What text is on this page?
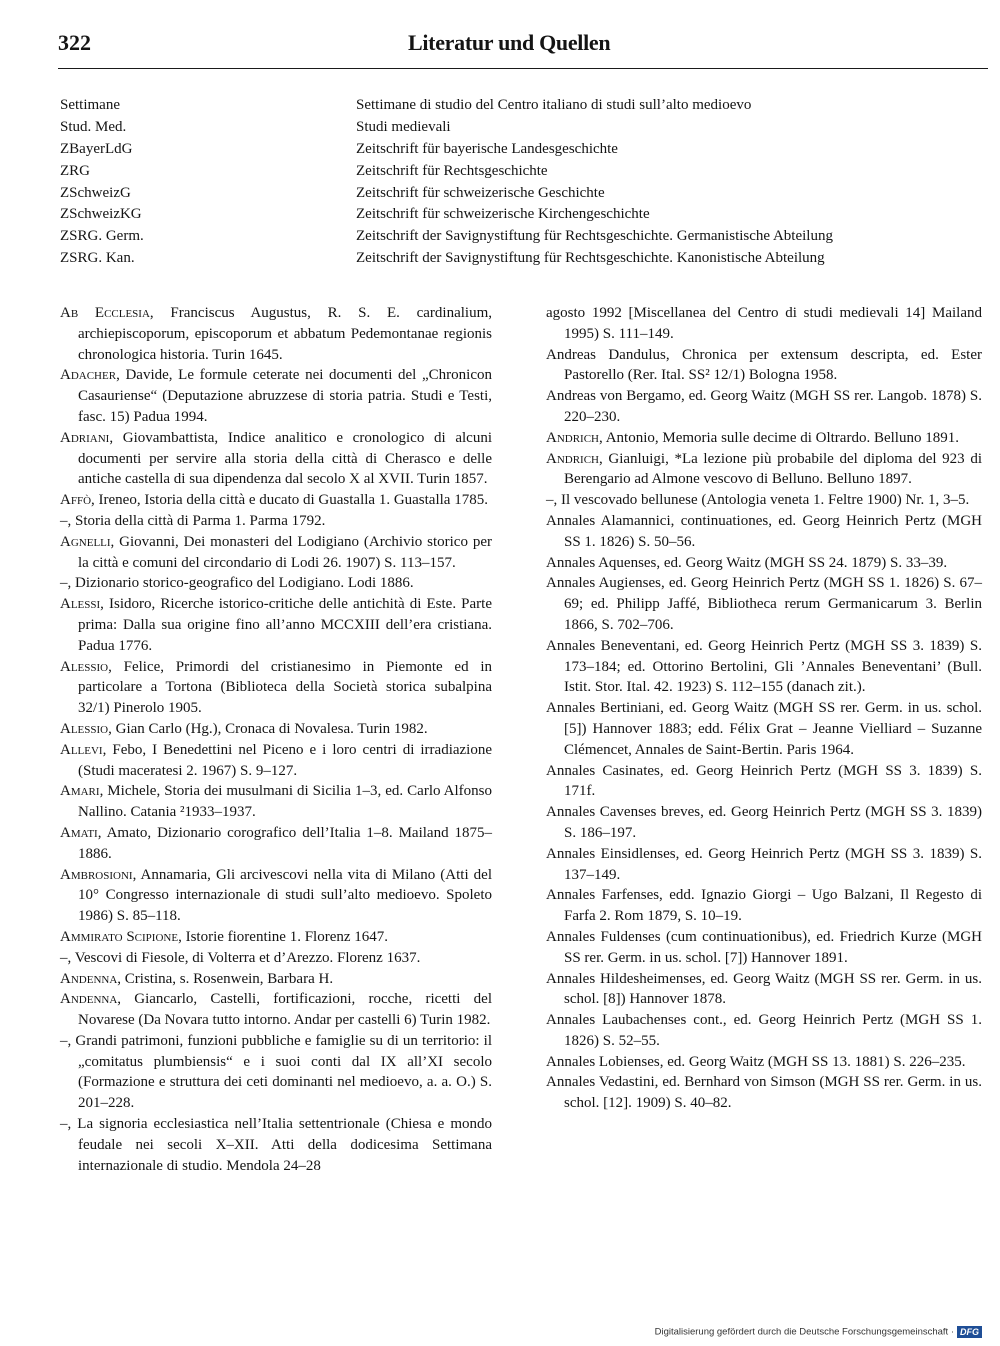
322	Literatur und Quellen
Settimane	Settimane di studio del Centro italiano di studi sull’alto medioevo
Stud. Med.	Studi medievali
ZBayerLdG	Zeitschrift für bayerische Landesgeschichte
ZRG	Zeitschrift für Rechtsgeschichte
ZSchweizG	Zeitschrift für schweizerische Geschichte
ZSchweizKG	Zeitschrift für schweizerische Kirchengeschichte
ZSRG. Germ.	Zeitschrift der Savignystiftung für Rechtsgeschichte. Germanistische Abteilung
ZSRG. Kan.	Zeitschrift der Savignystiftung für Rechtsgeschichte. Kanonistische Abteilung

Ab Ecclesia, Franciscus Augustus, R. S. E. cardinalium, archiepiscoporum, episcoporum et abbatum Pedemontanae regionis chronologica historia. Turin 1645.

Adacher, Davide, Le formule ceterate nei documenti del „Chronicon Casauriense“ (Deputazione abruzzese di storia patria. Studi e Testi, fasc. 15) Padua 1994.

Adriani, Giovambattista, Indice analitico e cronologico di alcuni documenti per servire alla storia della città di Cherasco e delle antiche castella di sua dipendenza dal secolo X al XVII. Turin 1857.

Affò, Ireneo, Istoria della città e ducato di Guastalla 1. Guastalla 1785.

–, Storia della città di Parma 1. Parma 1792.

Agnelli, Giovanni, Dei monasteri del Lodigiano (Archivio storico per la città e comuni del circondario di Lodi 26. 1907) S. 113–157.

–, Dizionario storico-geografico del Lodigiano. Lodi 1886.

Alessi, Isidoro, Ricerche istorico-critiche delle antichità di Este. Parte prima: Dalla sua origine fino all’anno MCCXIII dell’era cristiana. Padua 1776.

Alessio, Felice, Primordi del cristianesimo in Piemonte ed in particolare a Tortona (Biblioteca della Società storica subalpina 32/1) Pinerolo 1905.

Alessio, Gian Carlo (Hg.), Cronaca di Novalesa. Turin 1982.

Allevi, Febo, I Benedettini nel Piceno e i loro centri di irradiazione (Studi maceratesi 2. 1967) S. 9–127.

Amari, Michele, Storia dei musulmani di Sicilia 1–3, ed. Carlo Alfonso Nallino. Catania ²1933–1937.

Amati, Amato, Dizionario corografico dell’Italia 1–8. Mailand 1875–1886.

Ambrosioni, Annamaria, Gli arcivescovi nella vita di Milano (Atti del 10° Congresso internazionale di studi sull’alto medioevo. Spoleto 1986) S. 85–118.

Ammirato Scipione, Istorie fiorentine 1. Florenz 1647.

–, Vescovi di Fiesole, di Volterra et d’Arezzo. Florenz 1637.

Andenna, Cristina, s. Rosenwein, Barbara H.

Andenna, Giancarlo, Castelli, fortificazioni, rocche, ricetti del Novarese (Da Novara tutto intorno. Andar per castelli 6) Turin 1982.

–, Grandi patrimoni, funzioni pubbliche e famiglie su di un territorio: il „comitatus plumbiensis“ e i suoi conti dal IX all’XI secolo (Formazione e struttura dei ceti dominanti nel medioevo, a. a. O.) S. 201–228.

–, La signoria ecclesiastica nell’Italia settentrionale (Chiesa e mondo feudale nei secoli X–XII. Atti della dodicesima Settimana internazionale di studio. Mendola 24–28

agosto 1992 [Miscellanea del Centro di studi medievali 14] Mailand 1995) S. 111–149.

Andreas Dandulus, Chronica per extensum descripta, ed. Ester Pastorello (Rer. Ital. SS² 12/1) Bologna 1958.

Andreas von Bergamo, ed. Georg Waitz (MGH SS rer. Langob. 1878) S. 220–230.

Andrich, Antonio, Memoria sulle decime di Oltrardo. Belluno 1891.

Andrich, Gianluigi, *La lezione più probabile del diploma del 923 di Berengario ad Almone vescovo di Belluno. Belluno 1897.

–, Il vescovado bellunese (Antologia veneta 1. Feltre 1900) Nr. 1, 3–5.

Annales Alamannici, continuationes, ed. Georg Heinrich Pertz (MGH SS 1. 1826) S. 50–56.

Annales Aquenses, ed. Georg Waitz (MGH SS 24. 1879) S. 33–39.

Annales Augienses, ed. Georg Heinrich Pertz (MGH SS 1. 1826) S. 67–69; ed. Philipp Jaffé, Bibliotheca rerum Germanicarum 3. Berlin 1866, S. 702–706.

Annales Beneventani, ed. Georg Heinrich Pertz (MGH SS 3. 1839) S. 173–184; ed. Ottorino Bertolini, Gli ’Annales Beneventani’ (Bull. Istit. Stor. Ital. 42. 1923) S. 112–155 (danach zit.).

Annales Bertiniani, ed. Georg Waitz (MGH SS rer. Germ. in us. schol. [5]) Hannover 1883; edd. Félix Grat – Jeanne Vielliard – Suzanne Clémencet, Annales de Saint-Bertin. Paris 1964.

Annales Casinates, ed. Georg Heinrich Pertz (MGH SS 3. 1839) S. 171f.

Annales Cavenses breves, ed. Georg Heinrich Pertz (MGH SS 3. 1839) S. 186–197.

Annales Einsidlenses, ed. Georg Heinrich Pertz (MGH SS 3. 1839) S. 137–149.

Annales Farfenses, edd. Ignazio Giorgi – Ugo Balzani, Il Regesto di Farfa 2. Rom 1879, S. 10–19.

Annales Fuldenses (cum continuationibus), ed. Friedrich Kurze (MGH SS rer. Germ. in us. schol. [7]) Hannover 1891.

Annales Hildesheimenses, ed. Georg Waitz (MGH SS rer. Germ. in us. schol. [8]) Hannover 1878.

Annales Laubachenses cont., ed. Georg Heinrich Pertz (MGH SS 1. 1826) S. 52–55.

Annales Lobienses, ed. Georg Waitz (MGH SS 13. 1881) S. 226–235.

Annales Vedastini, ed. Bernhard von Simson (MGH SS rer. Germ. in us. schol. [12]. 1909) S. 40–82.

Digitalisierung gefördert durch die Deutsche Forschungsgemeinschaft · DFG
